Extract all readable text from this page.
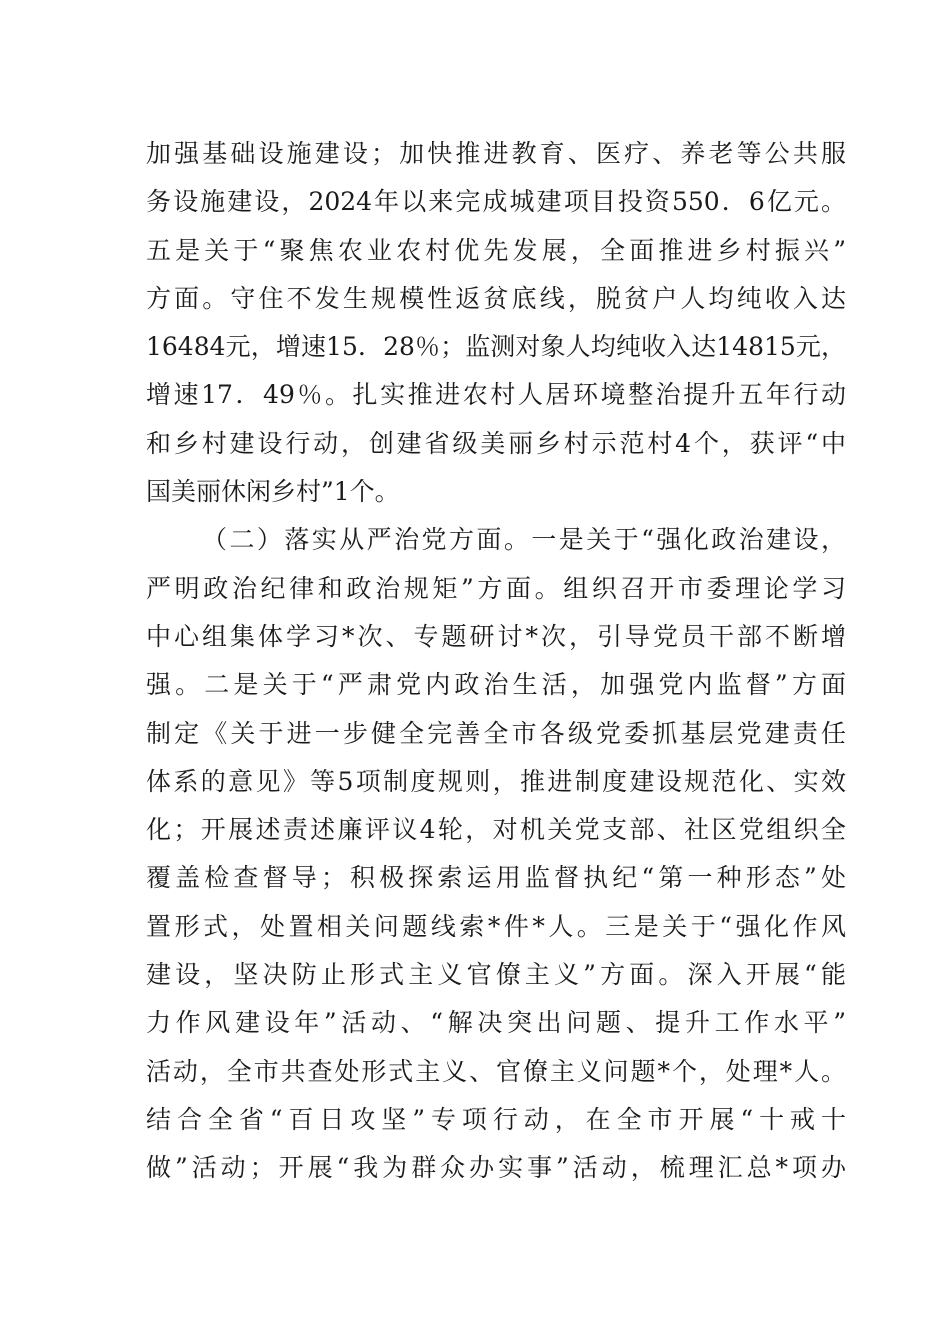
加强基础设施建设；加快推进教育、医疗、养老等公共服
务设施建设，2024年以来完成城建项目投资550．6亿元。
五是关于“聚焦农业农村优先发展，全面推进乡村振兴”
方面。守住不发生规模性返贫底线，脱贫户人均纯收入达
16484元，增速15．28％；监测对象人均纯收入达14815元，
增速17．49％。扎实推进农村人居环境整治提升五年行动
和乡村建设行动，创建省级美丽乡村示范村4个，获评“中
国美丽休闲乡村”1个。
（二）落实从严治党方面。一是关于“强化政治建设，
严明政治纪律和政治规矩”方面。组织召开市委理论学习
中心组集体学习*次、专题研讨*次，引导党员干部不断增
强。二是关于“严肃党内政治生活，加强党内监督”方面
制定《关于进一步健全完善全市各级党委抓基层党建责任
体系的意见》等5项制度规则，推进制度建设规范化、实效
化；开展述责述廉评议4轮，对机关党支部、社区党组织全
覆盖检查督导；积极探索运用监督执纪“第一种形态”处
置形式，处置相关问题线索*件*人。三是关于“强化作风
建设，坚决防止形式主义官僚主义”方面。深入开展“能
力作风建设年”活动、“解决突出问题、提升工作水平”
活动，全市共查处形式主义、官僚主义问题*个，处理*人。
结合全省“百日攻坚”专项行动，在全市开展“十戒十
做”活动；开展“我为群众办实事”活动，梳理汇总*项办
